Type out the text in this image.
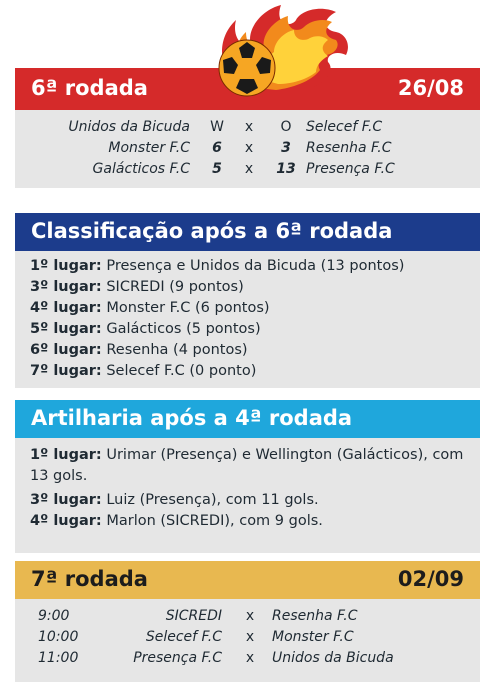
6ª rodada	26/08
Unidos da Bicuda W x	O	Selecef F.C
Monster F.C 6 x	3	Resenha F.C
Galácticos F.C 5 x 13 Presença F.C
Classificação após a 6ª rodada
1º lugar: Presença e Unidos da Bicuda (13 pontos)
3º lugar: SICREDI (9 pontos)
4º lugar: Monster F.C (6 pontos)
5º lugar: Galácticos (5 pontos)
6º lugar: Resenha (4 pontos)
7º lugar: Selecef F.C (0 ponto)
Artilharia após a 4ª rodada
1º lugar: Urimar (Presença) e Wellington (Galácticos), com 13 gols.
3º lugar: Luiz (Presença), com 11 gols.
4º lugar: Marlon (SICREDI), com 9 gols.
7ª rodada	02/09
9:00	SICREDI x Resenha F.C
10:00	Selecef F.C x Monster F.C
11:00	Presença F.C x Unidos da Bicuda
